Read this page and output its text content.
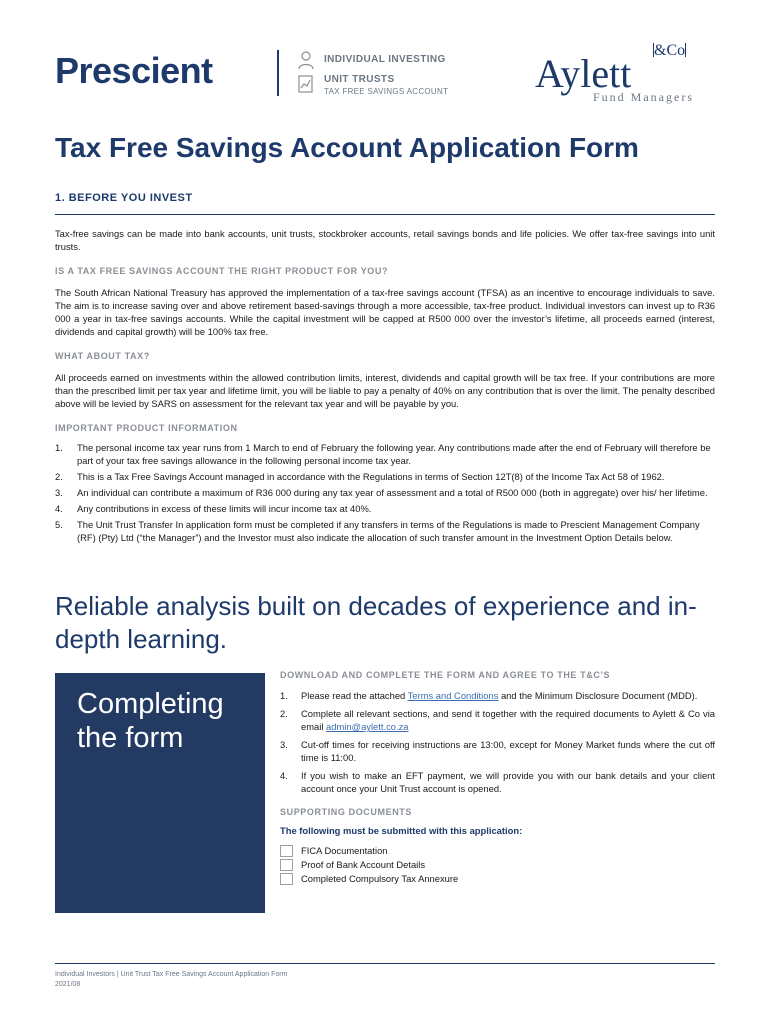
Prescient	INDIVIDUAL INVESTING
UNIT TRUSTS
TAX FREE SAVINGS ACCOUNT Aylett
&Co
Fund Managers
Tax Free Savings Account Application Form
1. BEFORE YOU INVEST

Tax-free savings can be made into bank accounts, unit trusts, stockbroker accounts, retail savings bonds and life policies. We offer tax-free savings into unit trusts.

IS A TAX FREE SAVINGS ACCOUNT THE RIGHT PRODUCT FOR YOU?

The South African National Treasury has approved the implementation of a tax-free savings account (TFSA) as an incentive to encourage individuals to save. The aim is to increase saving over and above retirement based-savings through a more accessible, tax-free product. Individual investors can invest up to R36 000 a year in tax-free savings accounts. While the capital investment will be capped at R500 000 over the investor’s lifetime, all proceeds earned (interest, dividends and capital growth) will be 100% tax free.

WHAT ABOUT TAX?

All proceeds earned on investments within the allowed contribution limits, interest, dividends and capital growth will be tax free. If your contributions are more than the prescribed limit per tax year and lifetime limit, you will be liable to pay a penalty of 40% on any contribution that is over the limit. The penalty described above will be levied by SARS on assessment for the relevant tax year and will be payable by you.

IMPORTANT PRODUCT INFORMATION
1. The personal income tax year runs from 1 March to end of February the following year. Any contributions made after the end of February will therefore be part of your tax free savings allowance in the following personal income tax year.
2. This is a Tax Free Savings Account managed in accordance with the Regulations in terms of Section 12T(8) of the Income Tax Act 58 of 1962.
3. An individual can contribute a maximum of R36 000 during any tax year of assessment and a total of R500 000 (both in aggregate) over his/ her lifetime.
4. Any contributions in excess of these limits will incur income tax at 40%.
5. The Unit Trust Transfer In application form must be completed if any transfers in terms of the Regulations is made to Prescient Management Company (RF) (Pty) Ltd (“the Manager”) and the Investor must also indicate the allocation of such transfer amount in the Investment Option Details below.
Reliable analysis built on decades of experience and in-depth learning.
Completing
the form
DOWNLOAD AND COMPLETE THE FORM AND AGREE TO THE T&C’S
1. Please read the attached Terms and Conditions and the Minimum Disclosure Document (MDD).
2. Complete all relevant sections, and send it together with the required documents to Aylett & Co via email admin@aylett.co.za
3. Cut-off times for receiving instructions are 13:00, except for Money Market funds where the cut off time is 11:00.
4. If you wish to make an EFT payment, we will provide you with our bank details and your client account once your Unit Trust account is opened.
SUPPORTING DOCUMENTS
The following must be submitted with this application:
FICA Documentation
Proof of Bank Account Details
Completed Compulsory Tax Annexure
Individual Investors | Unit Trust Tax Free Savings Account Application Form
2021/08
